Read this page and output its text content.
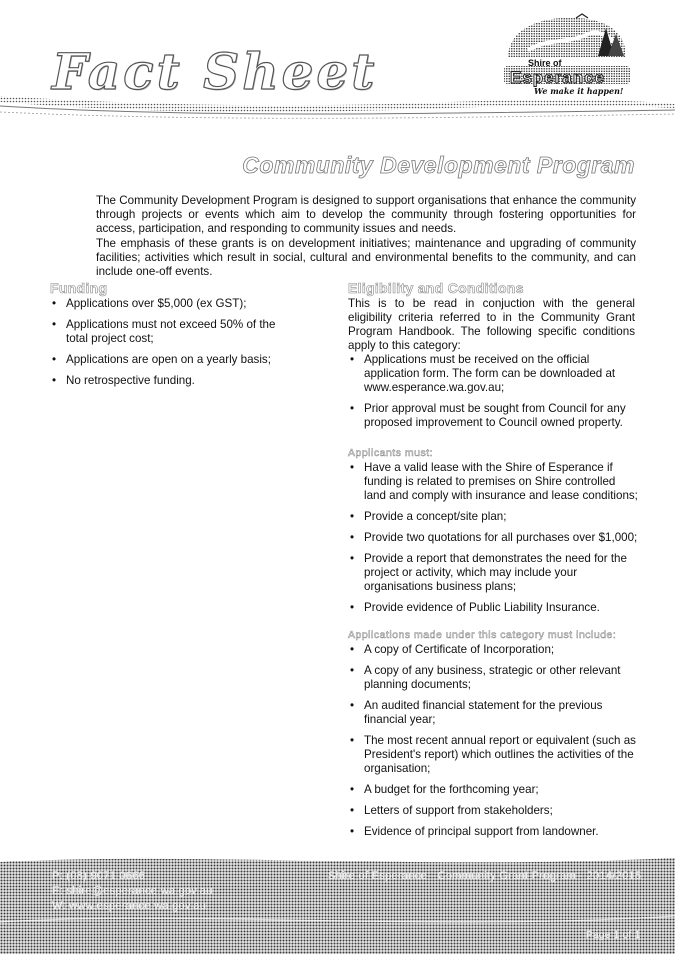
Fact Sheet	Shire of
Esperance
We make it happen!
Community Development Program
The Community Development Program is designed to support organisations that enhance the community through projects or events which aim to develop the community through fostering opportunities for access, participation, and responding to community issues and needs.
The emphasis of these grants is on development initiatives; maintenance and upgrading of community facilities; activities which result in social, cultural and environmental benefits to the community, and can include one-off events.
Funding
• Applications over $5,000 (ex GST);
• Applications must not exceed 50% of the total project cost;
• Applications are open on a yearly basis;
• No retrospective funding.
Eligibility and Conditions
This is to be read in conjuction with the general eligibility criteria referred to in the Community Grant Program Handbook. The following specific conditions apply to this category:
• Applications must be received on the official application form. The form can be downloaded at www.esperance.wa.gov.au;
• Prior approval must be sought from Council for any proposed improvement to Council owned property.
Applicants must:
• Have a valid lease with the Shire of Esperance if funding is related to premises on Shire controlled land and comply with insurance and lease conditions;
• Provide a concept/site plan;
• Provide two quotations for all purchases over $1,000;
• Provide a report that demonstrates the need for the project or activity, which may include your organisations business plans;
• Provide evidence of Public Liability Insurance.
Applications made under this category must include:
• A copy of Certificate of Incorporation;
• A copy of any business, strategic or other relevant planning documents;
• An audited financial statement for the previous financial year;
• The most recent annual report or equivalent (such as President's report) which outlines the activities of the organisation;
• A budget for the forthcoming year;
• Letters of support from stakeholders;
• Evidence of principal support from landowner.
P: (08) 9071 0666
E: shire@esperance.wa.gov.au
W: www.esperance.wa.gov.au
Shire of Esperance - Community Grant Program - 2014/2015
Page 1 of 1
